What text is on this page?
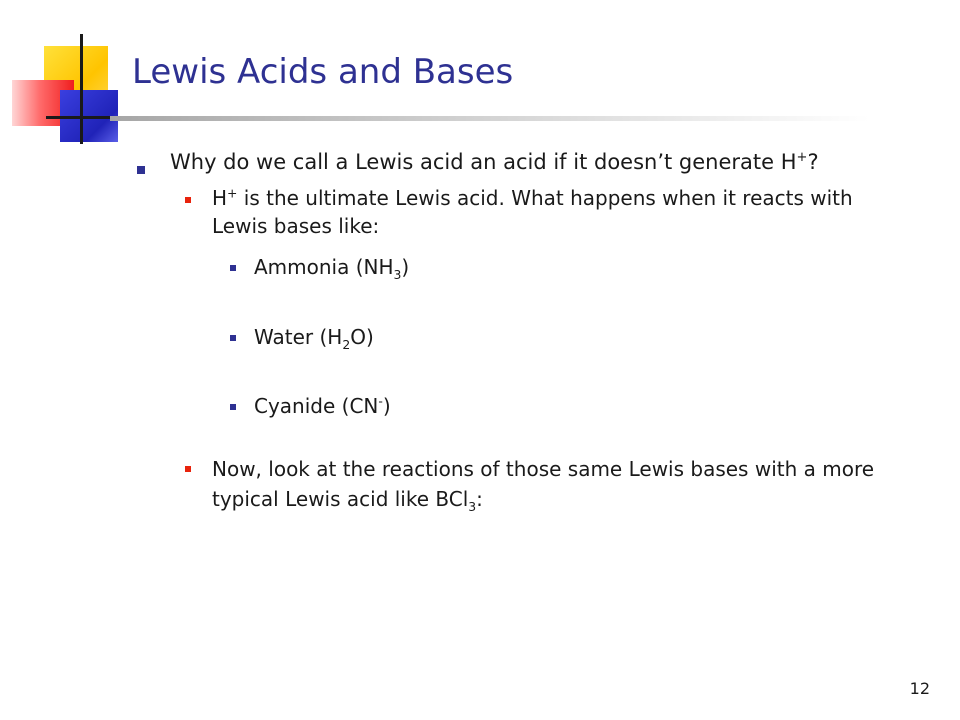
Lewis Acids and Bases
Why do we call a Lewis acid an acid if it doesn’t generate H+?
H+ is the ultimate Lewis acid. What happens when it reacts with
Lewis bases like:
Ammonia $(NH_3)$
Water $(H_2O)$
Cyanide (CN-)
Now, look at the reactions of those same Lewis bases with a more
typical Lewis acid like BCl$_3$:
12
